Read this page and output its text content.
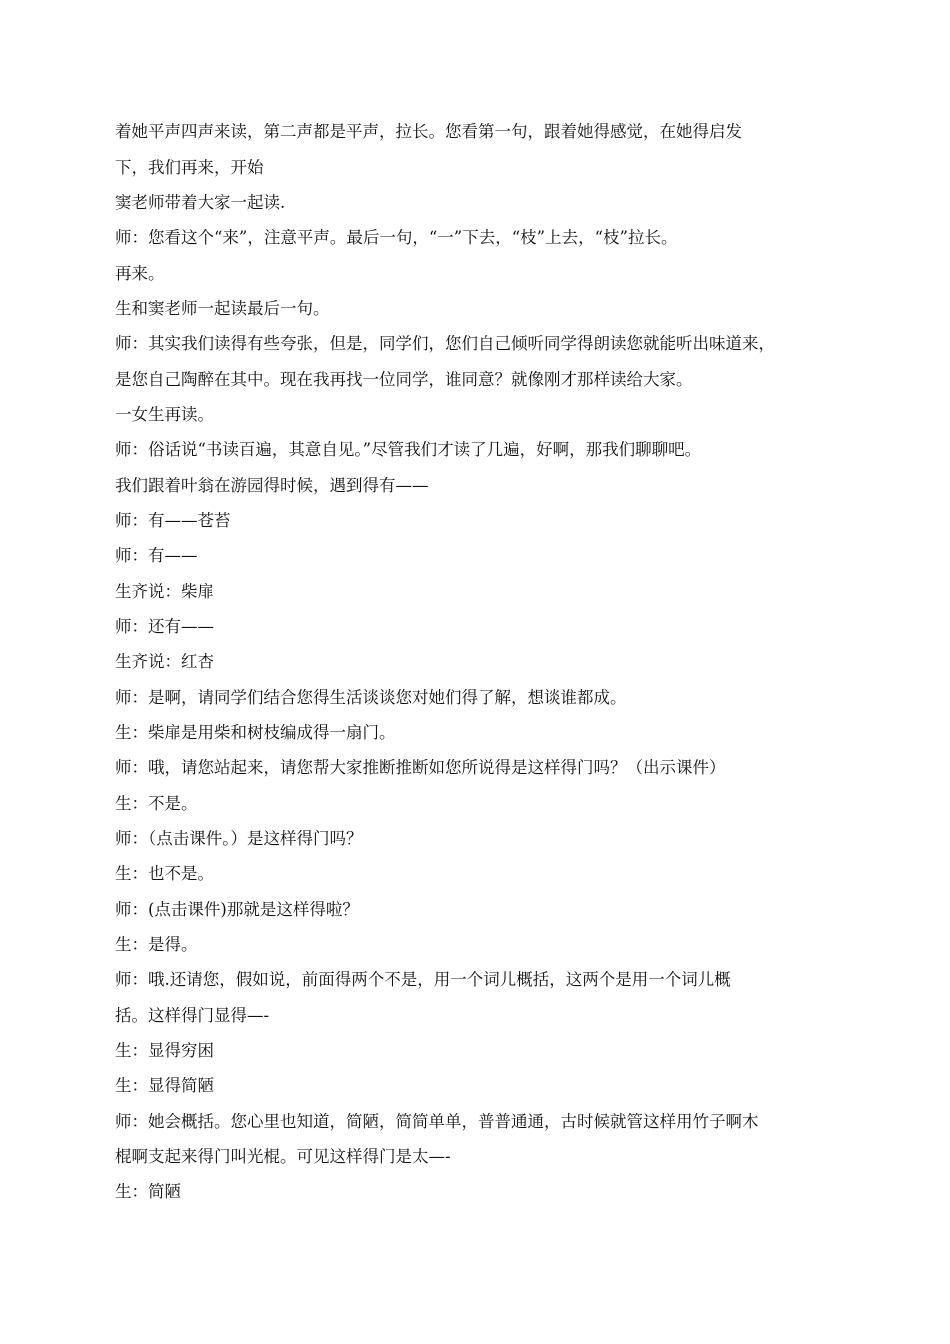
着她平声四声来读，第二声都是平声，拉长。您看第一句，跟着她得感觉，在她得启发
下，我们再来，开始
窦老师带着大家一起读.
师：您看这个“来”，注意平声。最后一句，“一”下去，“枝”上去，“枝”拉长。
再来。
生和窦老师一起读最后一句。
师：其实我们读得有些夸张，但是，同学们，您们自己倾听同学得朗读您就能听出味道来，
是您自己陶醉在其中。现在我再找一位同学，谁同意？就像刚才那样读给大家。
一女生再读。
师：俗话说“书读百遍，其意自见。”尽管我们才读了几遍，好啊，那我们聊聊吧。
我们跟着叶翁在游园得时候，遇到得有——
师：有——苍苔
师：有——
生齐说：柴扉
师：还有——
生齐说：红杏
师：是啊，请同学们结合您得生活谈谈您对她们得了解，想谈谁都成。
生：柴扉是用柴和树枝编成得一扇门。
师：哦，请您站起来，请您帮大家推断推断如您所说得是这样得门吗？（出示课件）
生：不是。
师：（点击课件。）是这样得门吗？
生：也不是。
师：(点击课件)那就是这样得啦？
生：是得。
师：哦.还请您，假如说，前面得两个不是，用一个词儿概括，这两个是用一个词儿概
括。这样得门显得—-
生：显得穷困
生：显得简陋
师：她会概括。您心里也知道，简陋，简简单单，普普通通，古时候就管这样用竹子啊木
棍啊支起来得门叫光棍。可见这样得门是太—-
生：简陋
